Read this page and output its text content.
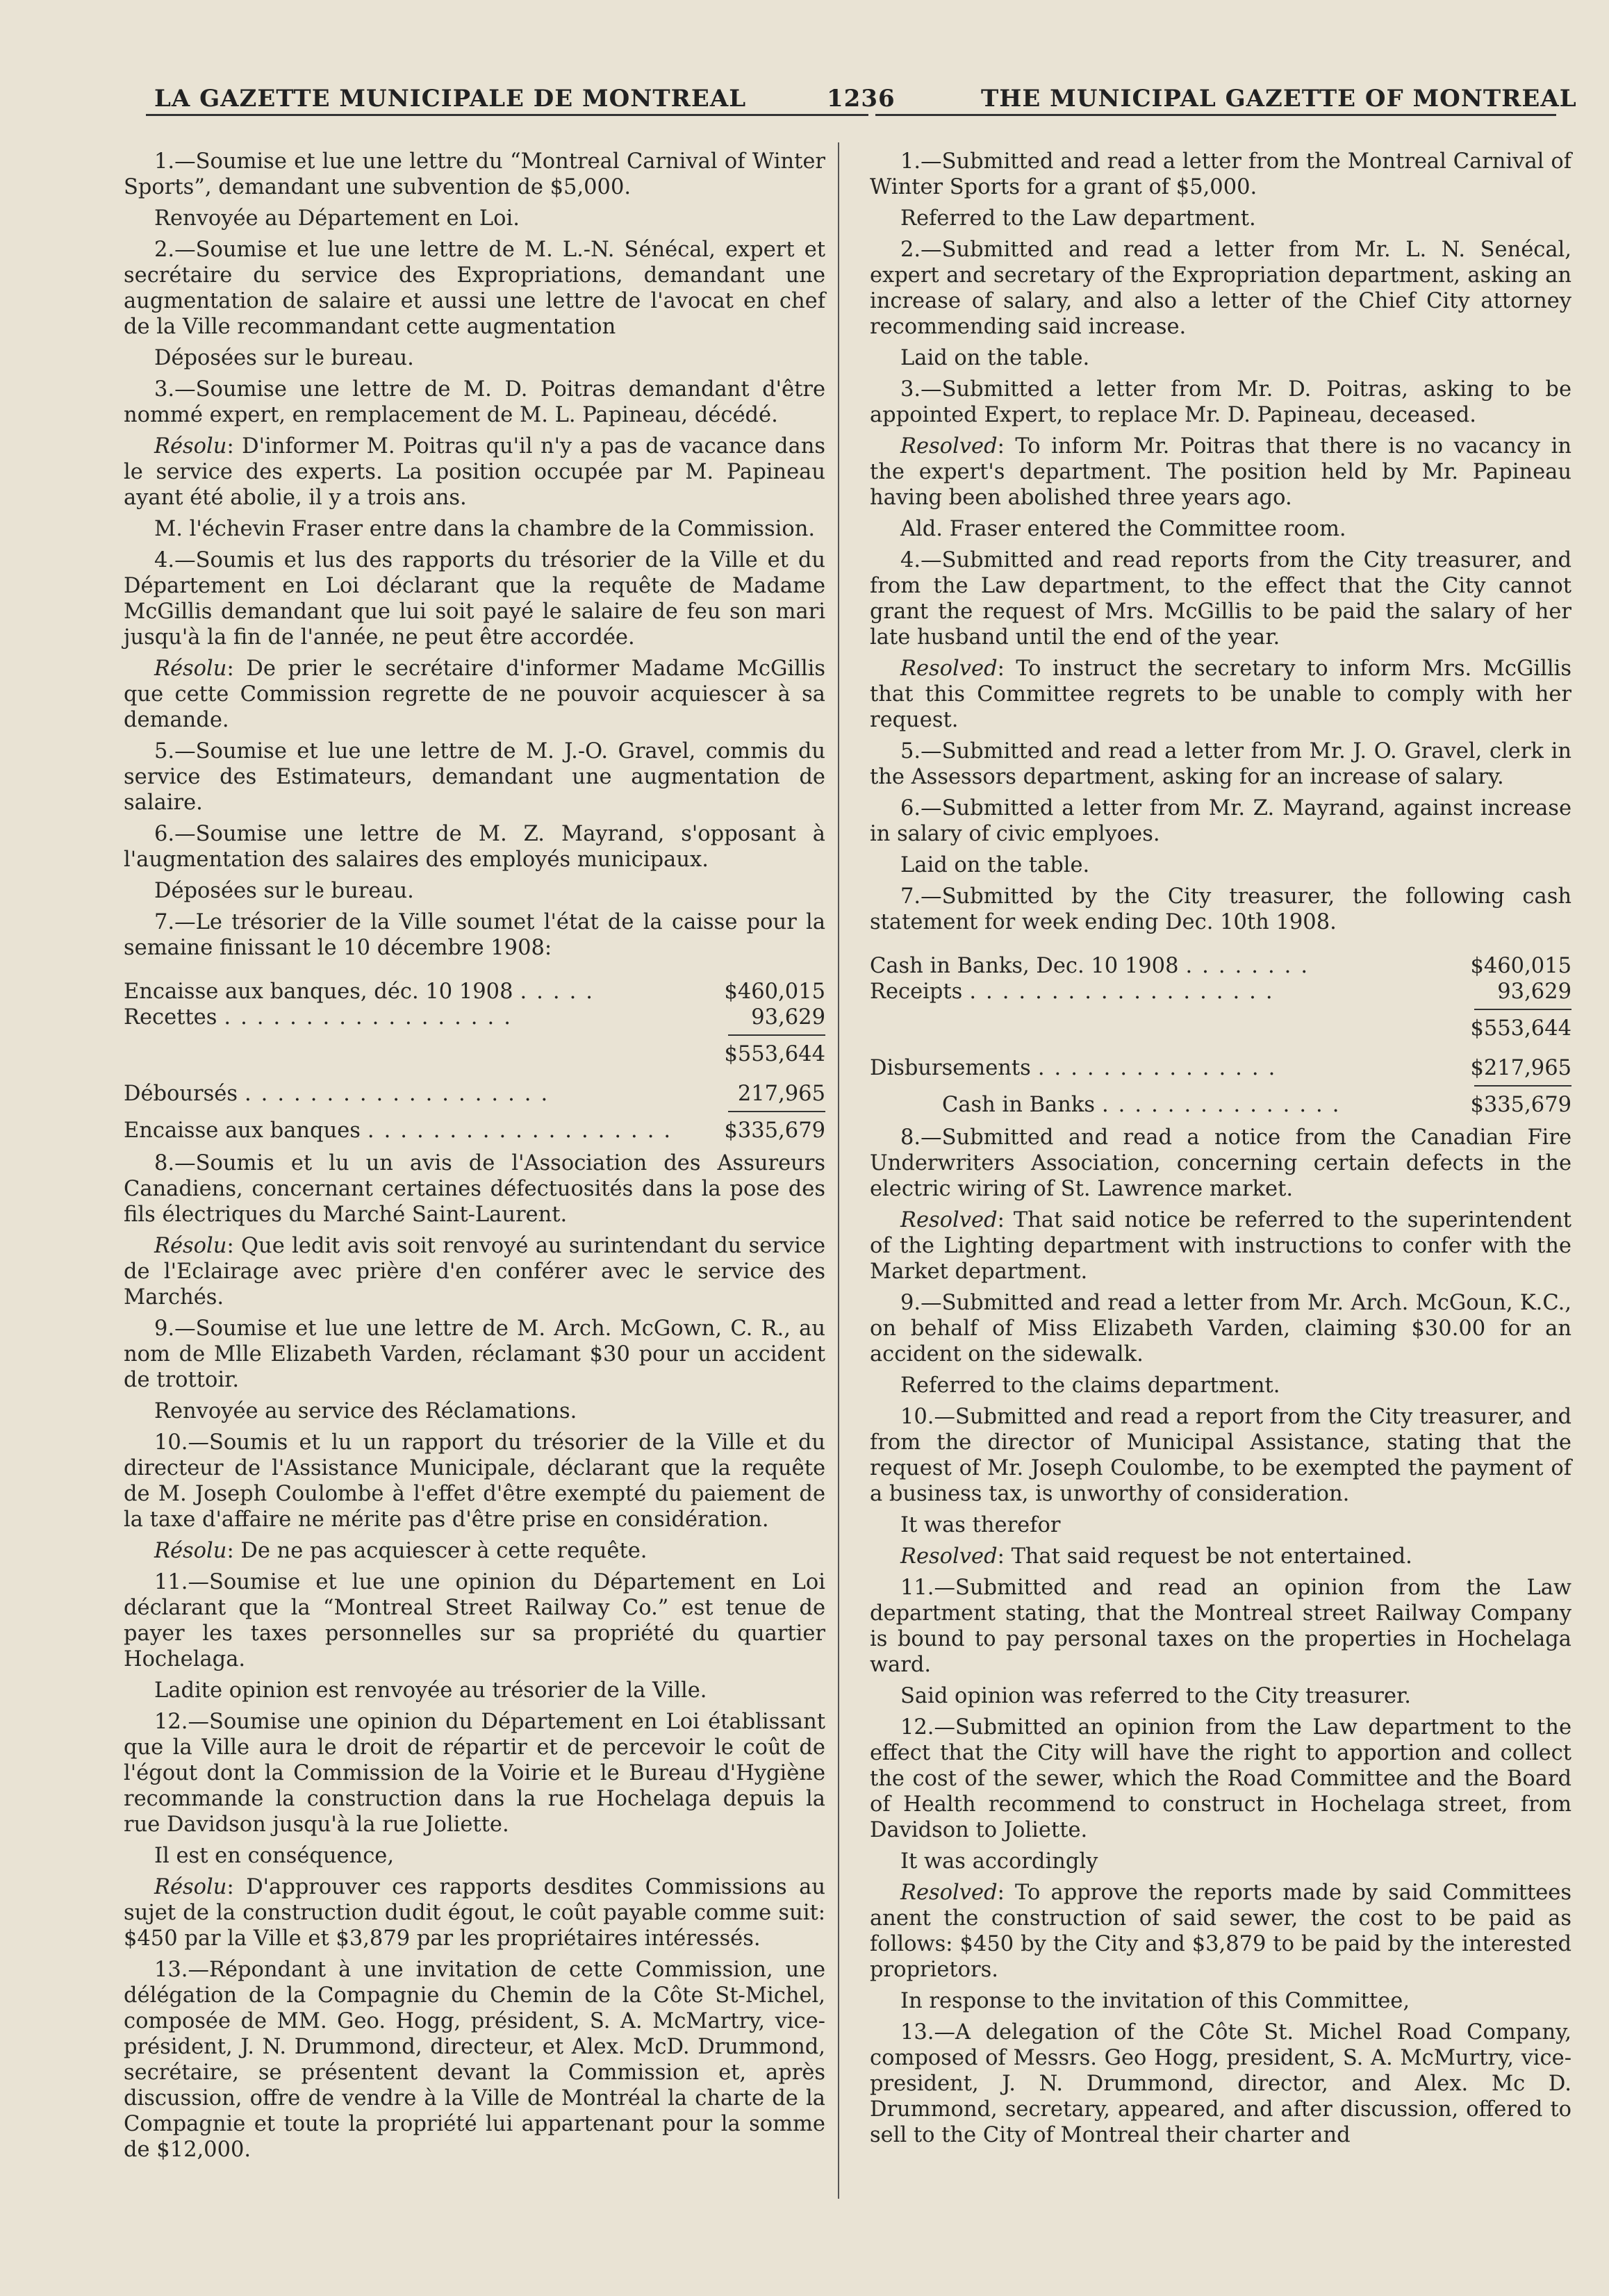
LA GAZETTE MUNICIPALE DE MONTREAL	1236	THE MUNICIPAL GAZETTE OF MONTREAL

1.—Soumise et lue une lettre du “Montreal Carnival of Winter Sports”, demandant une subvention de $5,000.

Renvoyée au Département en Loi.

2.—Soumise et lue une lettre de M. L.-N. Sénécal, expert et secrétaire du service des Expropriations, demandant une augmentation de salaire et aussi une lettre de l'avocat en chef de la Ville recommandant cette augmentation

Déposées sur le bureau.

3.—Soumise une lettre de M. D. Poitras demandant d'être nommé expert, en remplacement de M. L. Papineau, décédé.

Résolu: D'informer M. Poitras qu'il n'y a pas de vacance dans le service des experts. La position occupée par M. Papineau ayant été abolie, il y a trois ans.

M. l'échevin Fraser entre dans la chambre de la Commission.

4.—Soumis et lus des rapports du trésorier de la Ville et du Département en Loi déclarant que la requête de Madame McGillis demandant que lui soit payé le salaire de feu son mari jusqu'à la fin de l'année, ne peut être accordée.

Résolu: De prier le secrétaire d'informer Madame McGillis que cette Commission regrette de ne pouvoir acquiescer à sa demande.

5.—Soumise et lue une lettre de M. J.-O. Gravel, commis du service des Estimateurs, demandant une augmentation de salaire.

6.—Soumise une lettre de M. Z. Mayrand, s'opposant à l'augmentation des salaires des employés municipaux.

Déposées sur le bureau.

7.—Le trésorier de la Ville soumet l'état de la caisse pour la semaine finissant le 10 décembre 1908:

Encaisse aux banques, déc. 10 1908 .....	$460,015
Recettes ..................	93,629
$553,644
Déboursés ...................	217,965
Encaisse aux banques ...................	$335,679

8.—Soumis et lu un avis de l'Association des Assureurs Canadiens, concernant certaines défectuosités dans la pose des fils électriques du Marché Saint-Laurent.

Résolu: Que ledit avis soit renvoyé au surintendant du service de l'Eclairage avec prière d'en conférer avec le service des Marchés.

9.—Soumise et lue une lettre de M. Arch. McGown, C. R., au nom de Mlle Elizabeth Varden, réclamant $30 pour un accident de trottoir.

Renvoyée au service des Réclamations.

10.—Soumis et lu un rapport du trésorier de la Ville et du directeur de l'Assistance Municipale, déclarant que la requête de M. Joseph Coulombe à l'effet d'être exempté du paiement de la taxe d'affaire ne mérite pas d'être prise en considération.

Résolu: De ne pas acquiescer à cette requête.

11.—Soumise et lue une opinion du Département en Loi déclarant que la “Montreal Street Railway Co.” est tenue de payer les taxes personnelles sur sa propriété du quartier Hochelaga.

Ladite opinion est renvoyée au trésorier de la Ville.

12.—Soumise une opinion du Département en Loi établissant que la Ville aura le droit de répartir et de percevoir le coût de l'égout dont la Commission de la Voirie et le Bureau d'Hygiène recommande la construction dans la rue Hochelaga depuis la rue Davidson jusqu'à la rue Joliette.

Il est en conséquence,

Résolu: D'approuver ces rapports desdites Commissions au sujet de la construction dudit égout, le coût payable comme suit: $450 par la Ville et $3,879 par les propriétaires intéressés.

13.—Répondant à une invitation de cette Commission, une délégation de la Compagnie du Chemin de la Côte St-Michel, composée de MM. Geo. Hogg, président, S. A. McMartry, vice-président, J. N. Drummond, directeur, et Alex. McD. Drummond, secrétaire, se présentent devant la Commission et, après discussion, offre de vendre à la Ville de Montréal la charte de la Compagnie et toute la propriété lui appartenant pour la somme de $12,000.

1.—Submitted and read a letter from the Montreal Carnival of Winter Sports for a grant of $5,000.

Referred to the Law department.

2.—Submitted and read a letter from Mr. L. N. Senécal, expert and secretary of the Expropriation department, asking an increase of salary, and also a letter of the Chief City attorney recommending said increase.

Laid on the table.

3.—Submitted a letter from Mr. D. Poitras, asking to be appointed Expert, to replace Mr. D. Papineau, deceased.

Resolved: To inform Mr. Poitras that there is no vacancy in the expert's department. The position held by Mr. Papineau having been abolished three years ago.

Ald. Fraser entered the Committee room.

4.—Submitted and read reports from the City treasurer, and from the Law department, to the effect that the City cannot grant the request of Mrs. McGillis to be paid the salary of her late husband until the end of the year.

Resolved: To instruct the secretary to inform Mrs. McGillis that this Committee regrets to be unable to comply with her request.

5.—Submitted and read a letter from Mr. J. O. Gravel, clerk in the Assessors department, asking for an increase of salary.

6.—Submitted a letter from Mr. Z. Mayrand, against increase in salary of civic emplyoes.

Laid on the table.

7.—Submitted by the City treasurer, the following cash statement for week ending Dec. 10th 1908.

Cash in Banks, Dec. 10 1908 ........	$460,015
Receipts ...................	93,629
$553,644
Disbursements ...............	$217,965
Cash in Banks ...............	$335,679

8.—Submitted and read a notice from the Canadian Fire Underwriters Association, concerning certain defects in the electric wiring of St. Lawrence market.

Resolved: That said notice be referred to the superintendent of the Lighting department with instructions to confer with the Market department.

9.—Submitted and read a letter from Mr. Arch. McGoun, K.C., on behalf of Miss Elizabeth Varden, claiming $30.00 for an accident on the sidewalk.

Referred to the claims department.

10.—Submitted and read a report from the City treasurer, and from the director of Municipal Assistance, stating that the request of Mr. Joseph Coulombe, to be exempted the payment of a business tax, is unworthy of consideration.

It was therefor

Resolved: That said request be not entertained.

11.—Submitted and read an opinion from the Law department stating, that the Montreal street Railway Company is bound to pay personal taxes on the properties in Hochelaga ward.

Said opinion was referred to the City treasurer.

12.—Submitted an opinion from the Law department to the effect that the City will have the right to apportion and collect the cost of the sewer, which the Road Committee and the Board of Health recommend to construct in Hochelaga street, from Davidson to Joliette.

It was accordingly

Resolved: To approve the reports made by said Committees anent the construction of said sewer, the cost to be paid as follows: $450 by the City and $3,879 to be paid by the interested proprietors.

In response to the invitation of this Committee,

13.—A delegation of the Côte St. Michel Road Company, composed of Messrs. Geo Hogg, president, S. A. McMurtry, vice-president, J. N. Drummond, director, and Alex. Mc D. Drummond, secretary, appeared, and after discussion, offered to sell to the City of Montreal their charter and
